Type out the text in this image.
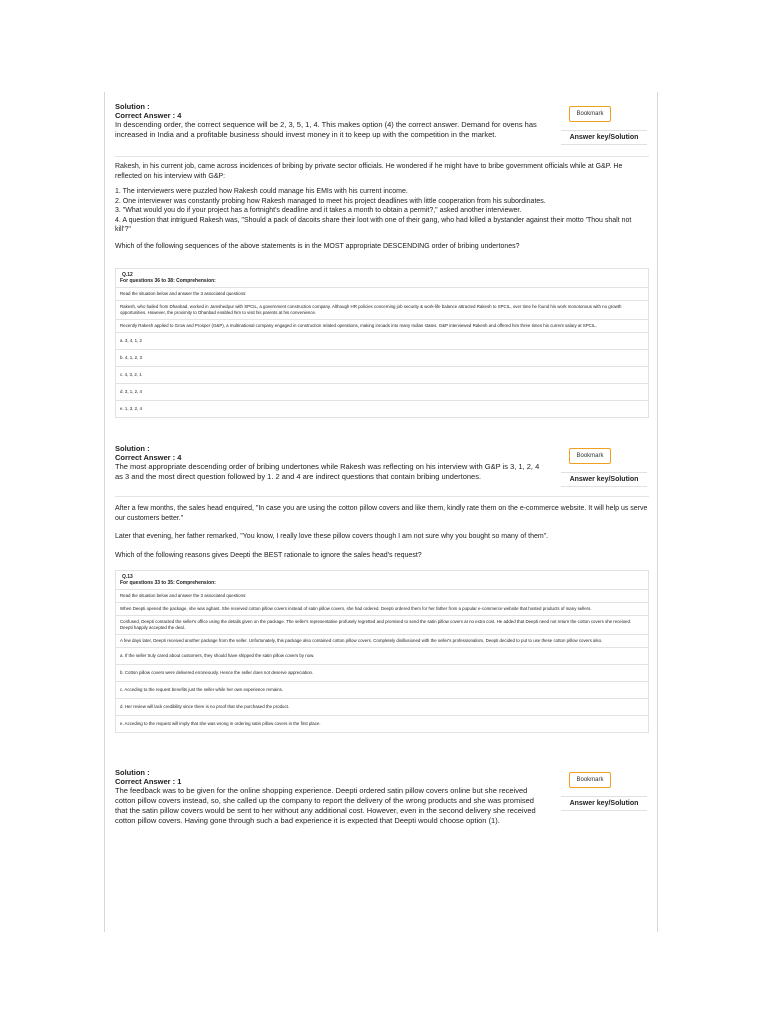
Solution :
Correct Answer : 4
In descending order, the correct sequence will be 2, 3, 5, 1, 4. This makes option (4) the correct answer. Demand for ovens has increased in India and a profitable business should invest money in it to keep up with the competition in the market.
Bookmark
Answer key/Solution

Rakesh, in his current job, came across incidences of bribing by private sector officials. He wondered if he might have to bribe government officials while at G&P. He reflected on his interview with G&P:

1. The interviewers were puzzled how Rakesh could manage his EMIs with his current income.
2. One interviewer was constantly probing how Rakesh managed to meet his project deadlines with little cooperation from his subordinates.
3. "What would you do if your project has a fortnight's deadline and it takes a month to obtain a permit?," asked another interviewer.
4. A question that intrigued Rakesh was, "Should a pack of dacoits share their loot with one of their gang, who had killed a bystander against their motto 'Thou shalt not kill'?"

Which of the following sequences of the above statements is in the MOST appropriate DESCENDING order of bribing undertones?

Q.12
For questions 36 to 38: Comprehension:
Read the situation below and answer the 3 associated questions:
Rakesh, who hailed from Dhanbad, worked in Jamshedpur with SPCIL, a government construction company. Although HR policies concerning job security & work-life balance attracted Rakesh to SPCIL, over time he found his work monotonous with no growth opportunities. However, the proximity to Dhanbad enabled him to visit his parents at his convenience.
Recently Rakesh applied to Grow and Prosper (G&P), a multinational company engaged in construction related operations, making inroads into many Indian states. G&P interviewed Rakesh and offered him three times his current salary at SPCIL.
a. 3, 4, 1, 2
b. 4, 1, 2, 3
c. 4, 3, 2, 1
d. 3, 1, 2, 4
e. 1, 3, 2, 4
Solution :
Correct Answer : 4
The most appropriate descending order of bribing undertones while Rakesh was reflecting on his interview with G&P is 3, 1, 2, 4 as 3 and the most direct question followed by 1. 2 and 4 are indirect questions that contain bribing undertones.
Bookmark
Answer key/Solution

After a few months, the sales head enquired, "In case you are using the cotton pillow covers and like them, kindly rate them on the e-commerce website. It will help us serve our customers better."

Later that evening, her father remarked, "You know, I really love these pillow covers though I am not sure why you bought so many of them".

Which of the following reasons gives Deepti the BEST rationale to ignore the sales head's request?

Q.13
For questions 33 to 35: Comprehension:
Read the situation below and answer the 3 associated questions:
When Deepti opened the package, she was aghast. She received cotton pillow covers instead of satin pillow covers, she had ordered. Deepti ordered them for her father from a popular e-commerce website that hosted products of many sellers.
Confused, Deepti contacted the seller's office using the details given on the package. The seller's representative profusely regretted and promised to send the satin pillow covers at no extra cost. He added that Deepti need not return the cotton covers she received. Deepti happily accepted the deal.
A few days later, Deepti received another package from the seller. Unfortunately, this package also contained cotton pillow covers. Completely disillusioned with the seller's professionalism, Deepti decided to put to use these cotton pillow covers also.
a. If the seller truly cared about customers, they should have shipped the satin pillow covers by now.
b. Cotton pillow covers were delivered erroneously. Hence the seller does not deserve appreciation.
c. Acceding to the request benefits just the seller while her own experience remains.
d. Her review will lack credibility since there is no proof that she purchased the product.
e. Acceding to the request will imply that she was wrong in ordering satin pillow covers in the first place.
Solution :
Correct Answer : 1
The feedback was to be given for the online shopping experience. Deepti ordered satin pillow covers online but she received cotton pillow covers instead, so, she called up the company to report the delivery of the wrong products and she was promised that the satin pillow covers would be sent to her without any additional cost. However, even in the second delivery she received cotton pillow covers. Having gone through such a bad experience it is expected that Deepti would choose option (1).
Bookmark
Answer key/Solution
